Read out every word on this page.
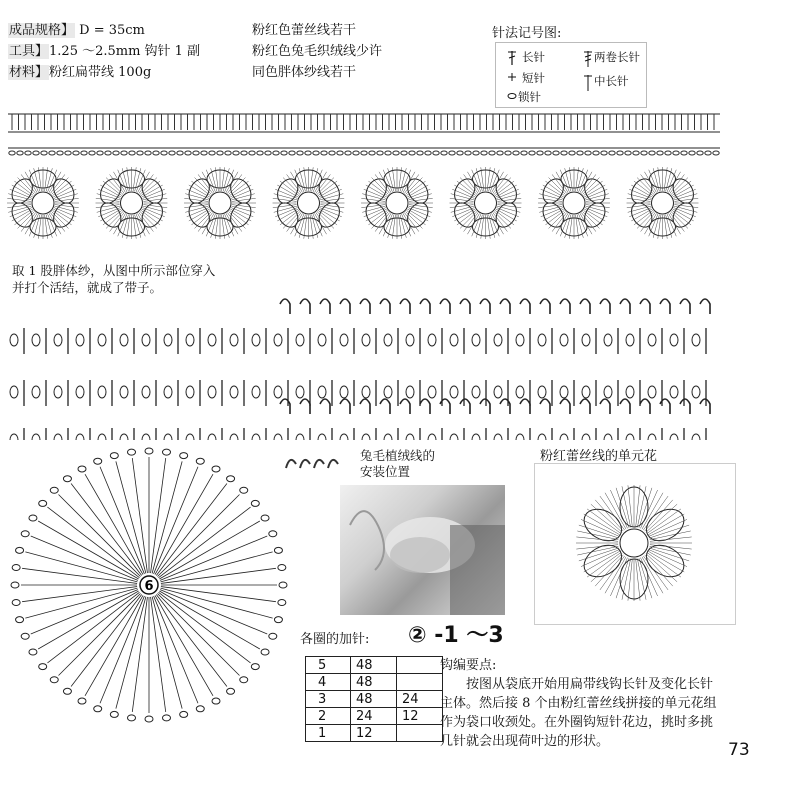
成品规格】 D = 35cm
工具】1.25 ～2.5mm 钩针 1 副
材料】粉红扁带线 100g
粉红色蕾丝线若干
粉红色兔毛织绒线少许
同色胖体纱线若干
针法记号图:
长针
短针
锁针
两卷长针
中长针
取 1 股胖体纱，从图中所示部位穿入
并打个活结，就成了带子。
6
兔毛植绒线的
安装位置
粉红蕾丝线的单元花
各圈的加针: ② -1 ～3
5	48	
4	48	
3	48	24
2	24	12
1	12	
钩编要点:
按图从袋底开始用扁带线钩长针及变化长针
主体。然后接 8 个由粉红蕾丝线拼接的单元花组
作为袋口收颈处。在外圈钩短针花边，挑时多挑
几针就会出现荷叶边的形状。	73
